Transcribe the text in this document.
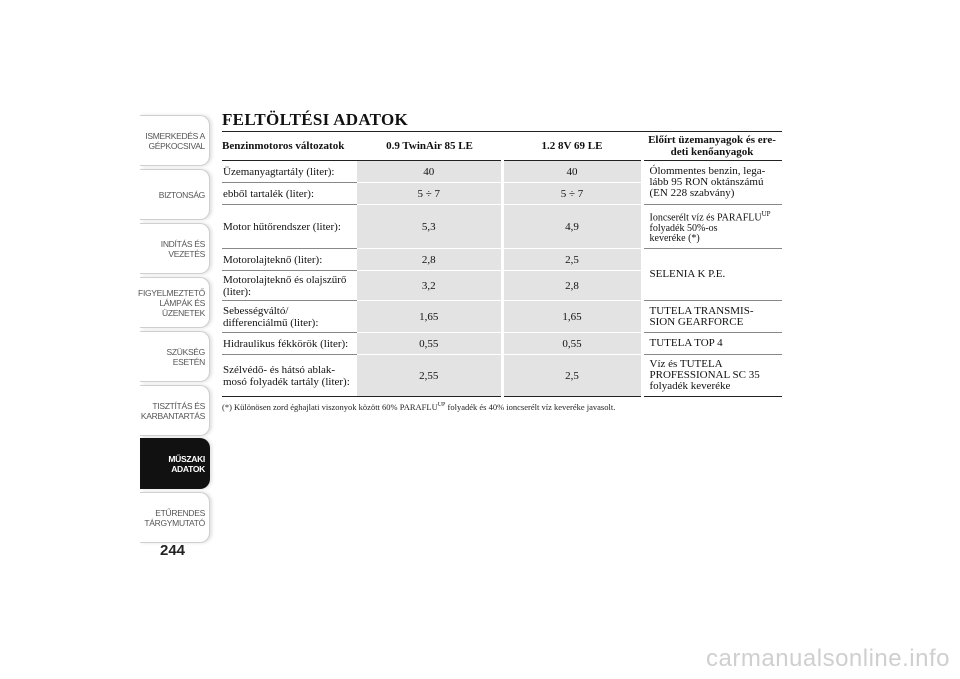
ISMERKEDÉS A
GÉPKOCSIVAL
BIZTONSÁG
INDÍTÁS ÉS
VEZETÉS
FIGYELMEZTETŐ
LÁMPÁK ÉS
ÜZENETEK
SZÜKSÉG ESETÉN
TISZTÍTÁS ÉS
KARBANTARTÁS
MŰSZAKI ADATOK
ETŰRENDES
TÁRGYMUTATÓ
244
FELTÖLTÉSI ADATOK
Benzinmotoros változatok	0.9 TwinAir 85 LE	1.2 8V 69 LE	Előírt üzemanyagok és ere-
deti kenőanyagok
Üzemanyagtartály (liter):	40	40	Ólommentes benzin, lega-
lább 95 RON oktánszámú
(EN 228 szabvány)
ebből tartalék (liter):	5 ÷ 7	5 ÷ 7	
Motor hűtőrendszer (liter):	5,3	4,9	Ioncserélt víz és $PARAFLU^{UP}$
folyadék 50%-os
keveréke (*)
Motorolajteknő (liter):	2,8	2,5	SELENIA K P.E.
Motorolajteknő és olajszűrő
(liter):	3,2	2,8	
Sebességváltó/
differenciálmű (liter):	1,65	1,65	TUTELA TRANSMIS-
SION GEARFORCE
Hidraulikus fékkörök (liter):	0,55	0,55	TUTELA TOP 4
Szélvédő- és hátsó ablak-
mosó folyadék tartály (liter):	2,55	2,5	Víz és TUTELA
PROFESSIONAL SC 35
folyadék keveréke
(*) Különösen zord éghajlati viszonyok között 60% $PARAFLU^{UP}$ folyadék és 40% ioncserélt víz keveréke javasolt.
carmanualsonline.info
